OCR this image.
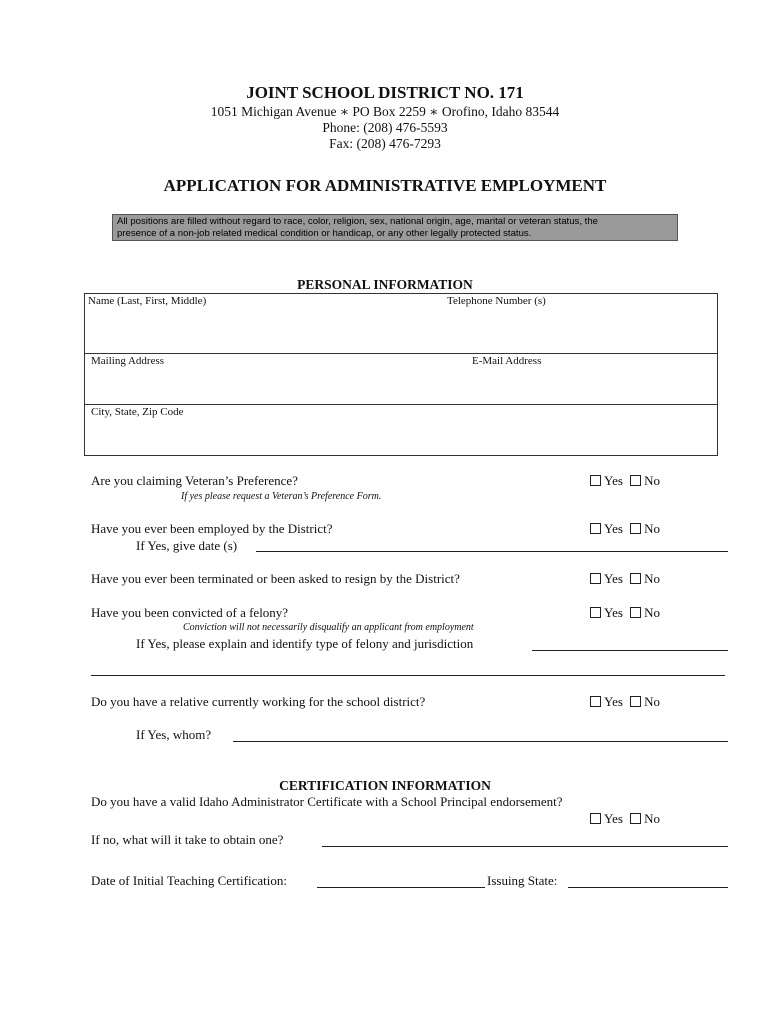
JOINT SCHOOL DISTRICT NO. 171
1051 Michigan Avenue ∗ PO Box 2259 ∗ Orofino, Idaho 83544
Phone: (208) 476-5593
Fax: (208) 476-7293
APPLICATION FOR ADMINISTRATIVE EMPLOYMENT
All positions are filled without regard to race, color, religion, sex, national origin, age, marital or veteran status, the
presence of a non-job related medical condition or handicap, or any other legally protected status.
PERSONAL INFORMATION
Name (Last, First, Middle)	Telephone Number (s)
Mailing Address	E-Mail Address
City, State, Zip Code
Are you claiming Veteran’s Preference?	Yes No
If yes please request a Veteran’s Preference Form.
Have you ever been employed by the District?	Yes No
If Yes, give date (s)
Have you ever been terminated or been asked to resign by the District?	Yes No
Have you been convicted of a felony?	Yes No
Conviction will not necessarily disqualify an applicant from employment
If Yes, please explain and identify type of felony and jurisdiction
Do you have a relative currently working for the school district?	Yes No
If Yes, whom?
CERTIFICATION INFORMATION
Do you have a valid Idaho Administrator Certificate with a School Principal endorsement?
Yes No
If no, what will it take to obtain one?
Date of Initial Teaching Certification:	Issuing State:
